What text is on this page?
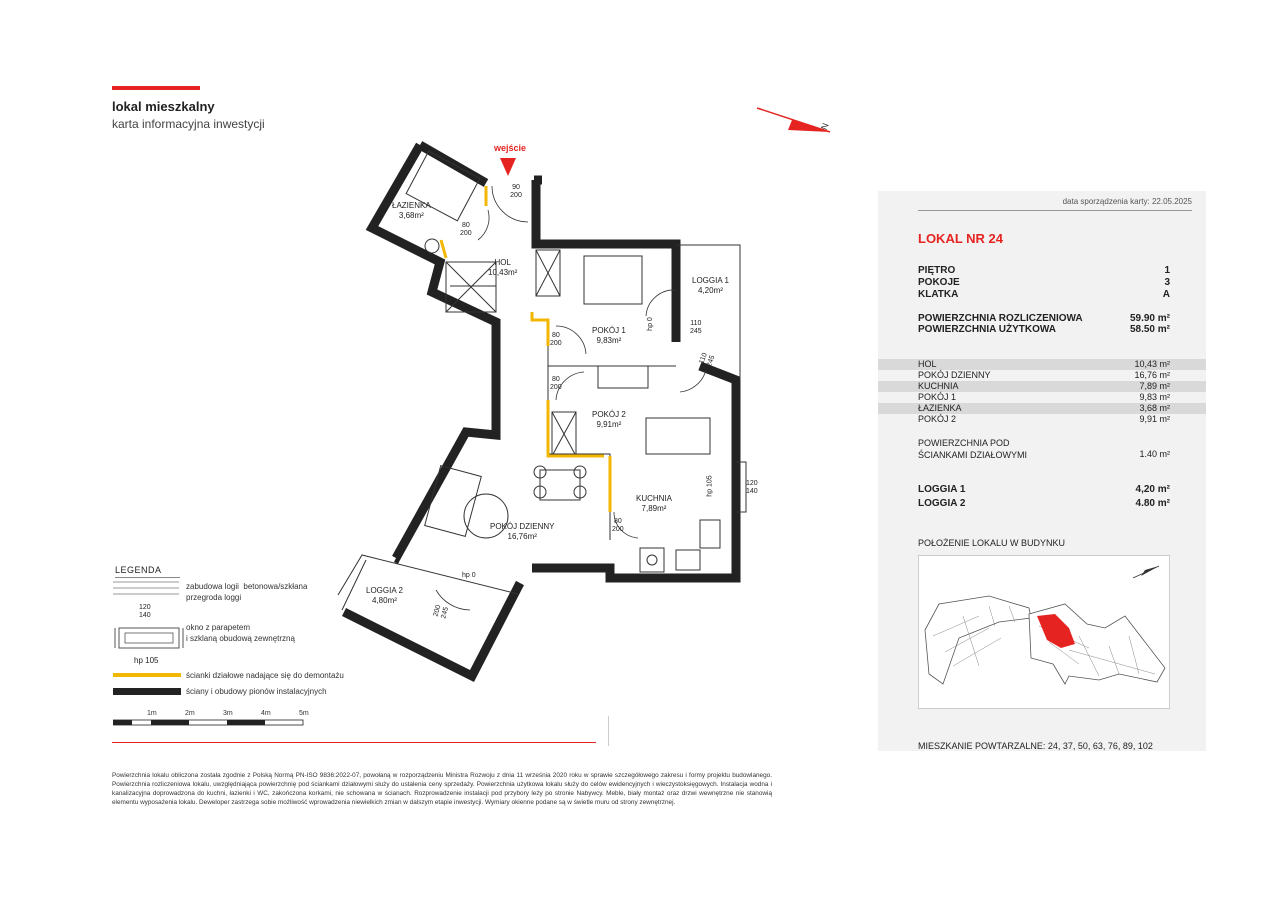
lokal mieszkalny
karta informacyjna inwestycji	N
wejście
ŁAZIENKA
3,68m²
HOL
10,43m²
LOGGIA 1
4,20m²
POKÓJ 1
9,83m²
POKÓJ 2
9,91m²
KUCHNIA
7,89m²
POKÓJ DZIENNY
16,76m²
LOGGIA 2
4,80m²
90
200
80
200
80
200
80
200
80
200
110
245
110
245
120
140
200
245
hp 0
hp 105
hp 0
data sporządzenia karty: 22.05.2025
LOKAL NR 24
PIĘTRO	1
POKOJE	3
KLATKA	A
POWIERZCHNIA ROZLICZENIOWA	59.90 m²
POWIERZCHNIA UŻYTKOWA	58.50 m²
HOL	10,43 m²
POKÓJ DZIENNY	16,76 m²
KUCHNIA	7,89 m²
POKÓJ 1	9,83 m²
ŁAZIENKA	3,68 m²
POKÓJ 2	9,91 m²
POWIERZCHNIA POD
ŚCIANKAMI DZIAŁOWYMI	1.40 m²
LOGGIA 1	4,20 m²
LOGGIA 2	4.80 m²
POŁOŻENIE LOKALU W BUDYNKU
MIESZKANIE POWTARZALNE: 24, 37, 50, 63, 76, 89, 102
LEGENDA
zabudowa logii  betonowa/szkłana
przegroda loggi
120
140
hp 105
okno z parapetem
i szklaną obudową zewnętrzną
ścianki działowe nadające się do demontażu
ściany i obudowy pionów instalacyjnych
1m	2m	3m	4m	5m
Powierzchnia lokalu obliczona została zgodnie z Polską Normą PN-ISO 9836:2022-07, powołaną w rozporządzeniu Ministra Rozwoju z dnia 11 września 2020 roku w sprawie szczegółowego zakresu i formy projektu budowlanego. Powierzchnia rozliczeniowa lokalu, uwzględniająca powierzchnię pod ściankami działowymi służy do ustalenia ceny sprzedaży. Powierzchnia użytkowa lokalu służy do celów ewidencyjnych i wieczystoksięgowych. Instalacja wodna i kanalizacyjna doprowadzona do kuchni, łazienki i WC, zakończona korkami, nie schowana w ścianach. Rozprowadzenie instalacji pod przybory leży po stronie Nabywcy. Meble, biały montaż oraz drzwi wewnętrzne nie stanowią elementu wyposażenia lokalu. Deweloper zastrzega sobie możliwość wprowadzenia niewielkich zmian w dalszym etapie inwestycji. Wymiary okienne podane są w świetle muru od strony zewnętrznej.
